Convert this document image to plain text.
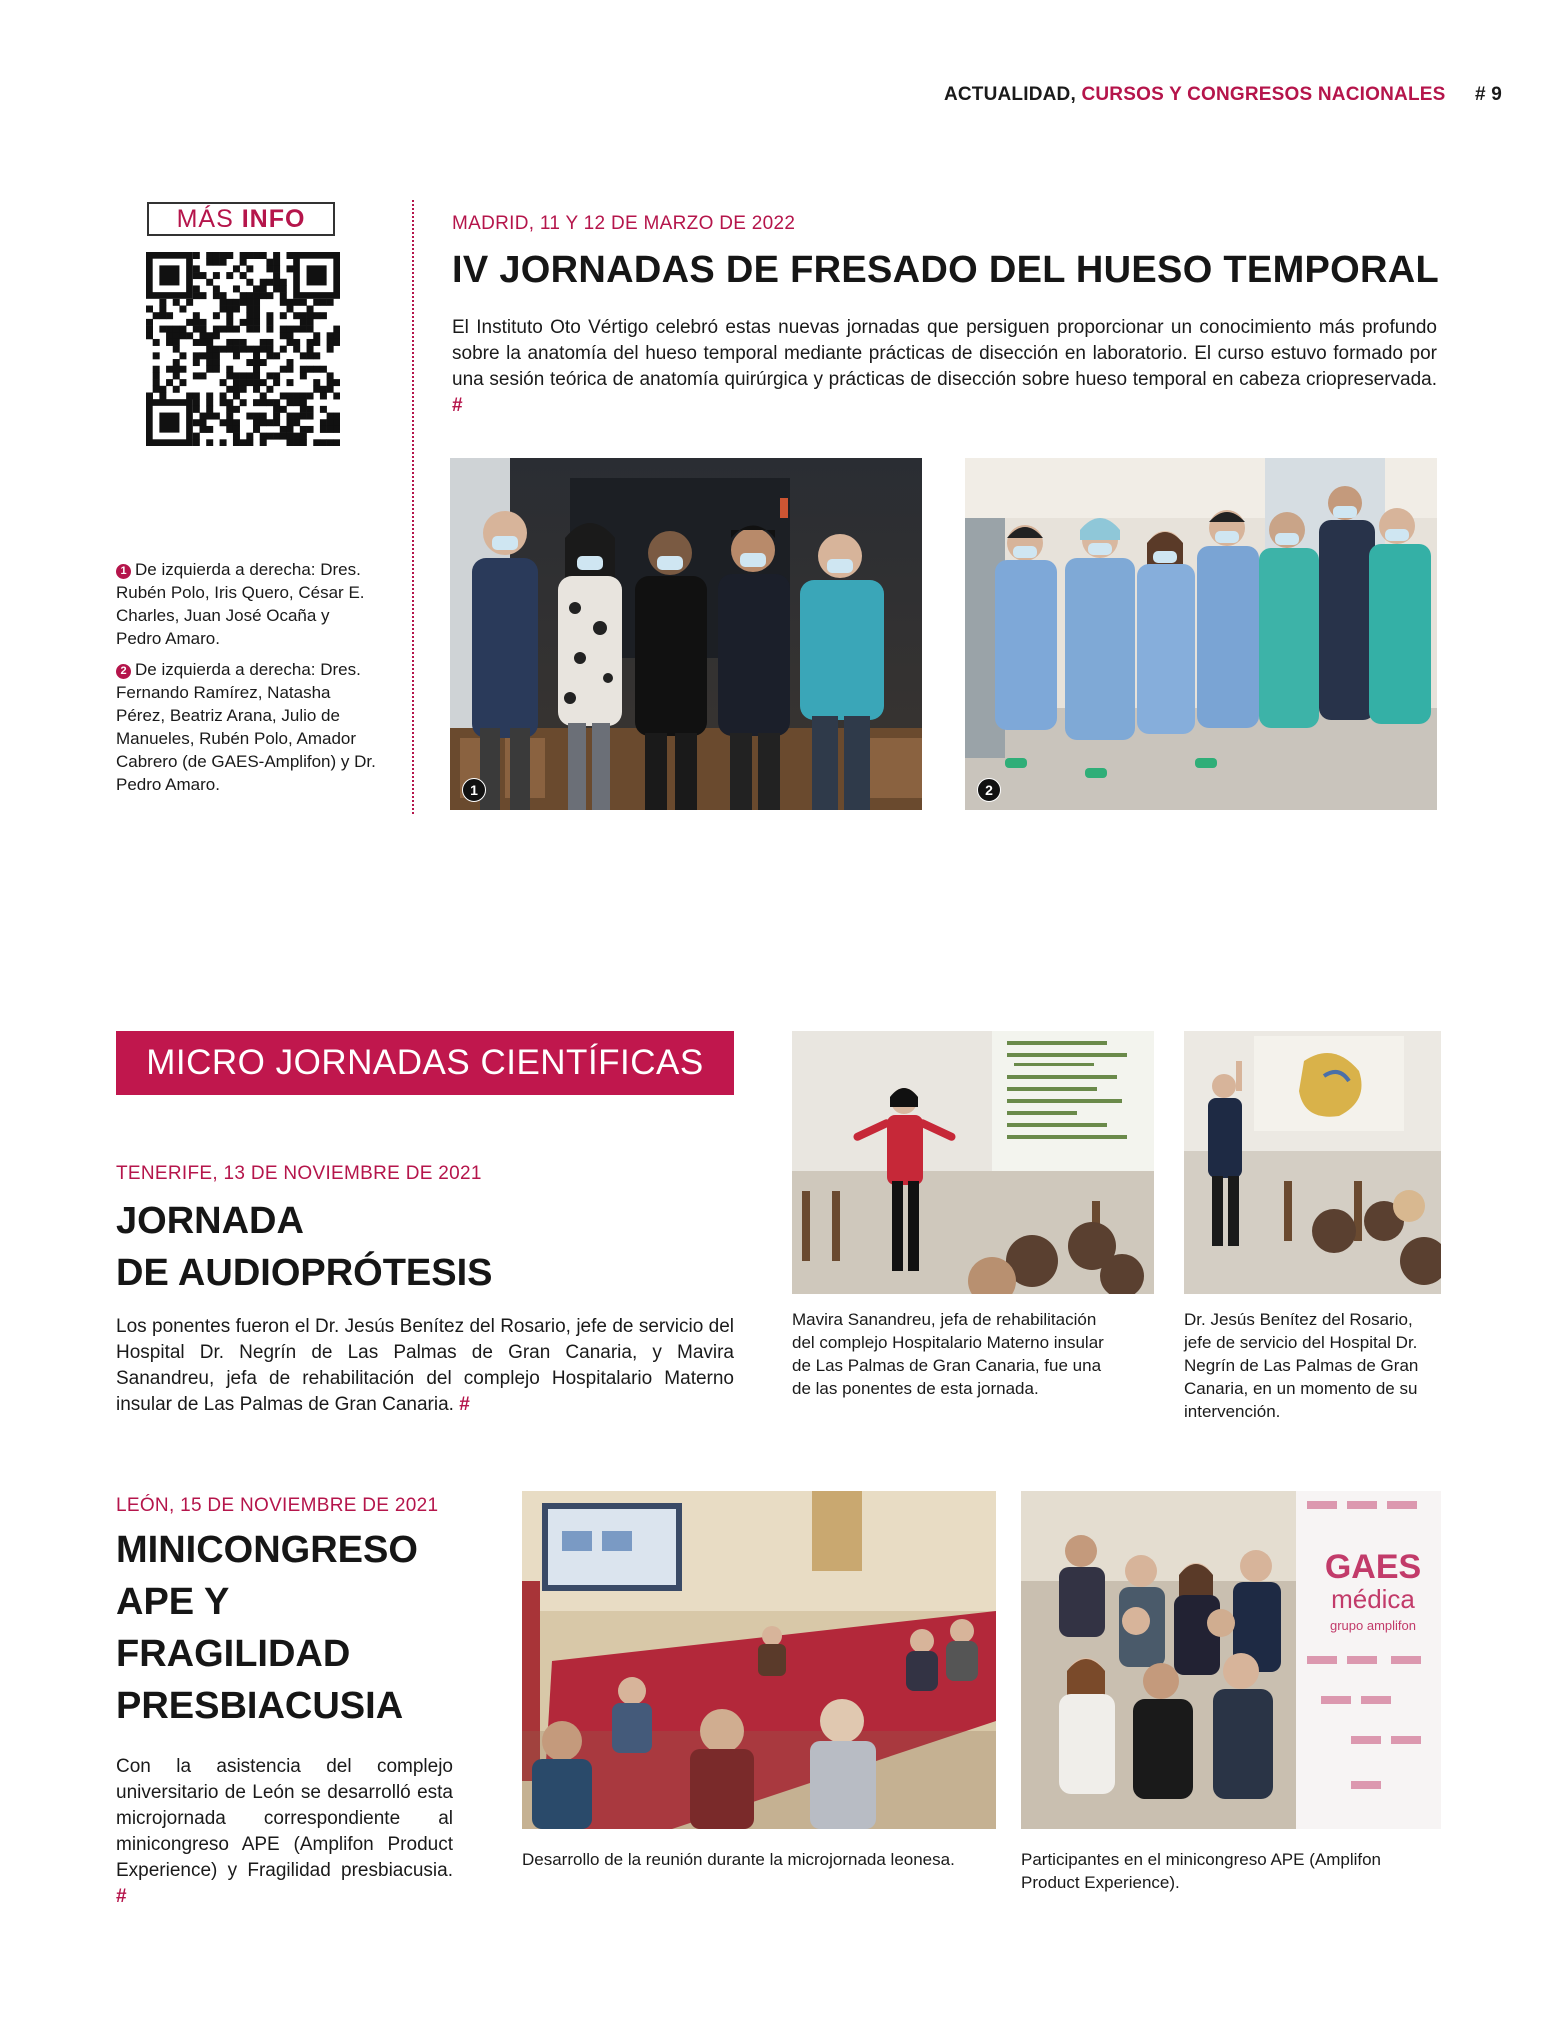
ACTUALIDAD, CURSOS Y CONGRESOS NACIONALES # 9
MÁS INFO	MADRID, 11 Y 12 DE MARZO DE 2022
IV JORNADAS DE FRESADO DEL HUESO TEMPORAL
El Instituto Oto Vértigo celebró estas nuevas jornadas que persiguen proporcionar un conocimiento más profundo sobre la anatomía del hueso temporal mediante prácticas de disección en laboratorio. El curso estuvo formado por una sesión teórica de anatomía quirúrgica y prácticas de disección sobre hueso temporal en cabeza criopreservada. #
1	2
1 De izquierda a derecha: Dres. Rubén Polo, Iris Quero, César E. Charles, Juan José Ocaña y Pedro Amaro.
2 De izquierda a derecha: Dres. Fernando Ramírez, Natasha Pérez, Beatriz Arana, Julio de Manueles, Rubén Polo, Amador Cabrero (de GAES-Amplifon) y Dr. Pedro Amaro.
MICRO JORNADAS CIENTÍFICAS
TENERIFE, 13 DE NOVIEMBRE DE 2021
JORNADA
DE AUDIOPRÓTESIS
Los ponentes fueron el Dr. Jesús Benítez del Rosario, jefe de servicio del Hospital Dr. Negrín de Las Palmas de Gran Canaria, y Mavira Sanandreu, jefa de rehabilitación del complejo Hospitalario Materno insular de Las Palmas de Gran Canaria. #
Mavira Sanandreu, jefa de rehabilitación del complejo Hospitalario Materno insular de Las Palmas de Gran Canaria, fue una de las ponentes de esta jornada.
Dr. Jesús Benítez del Rosario, jefe de servicio del Hospital Dr. Negrín de Las Palmas de Gran Canaria, en un momento de su intervención.
LEÓN, 15 DE NOVIEMBRE DE 2021
MINICONGRESO
APE Y
FRAGILIDAD
PRESBIACUSIA
Con la asistencia del complejo universitario de León se desarrolló esta microjornada correspondiente al minicongreso APE (Amplifon Product Experience) y Fragilidad presbiacusia. #
Desarrollo de la reunión durante la microjornada leonesa.
GAES
médica
grupo amplifon
Participantes en el minicongreso APE (Amplifon Product Experience).
